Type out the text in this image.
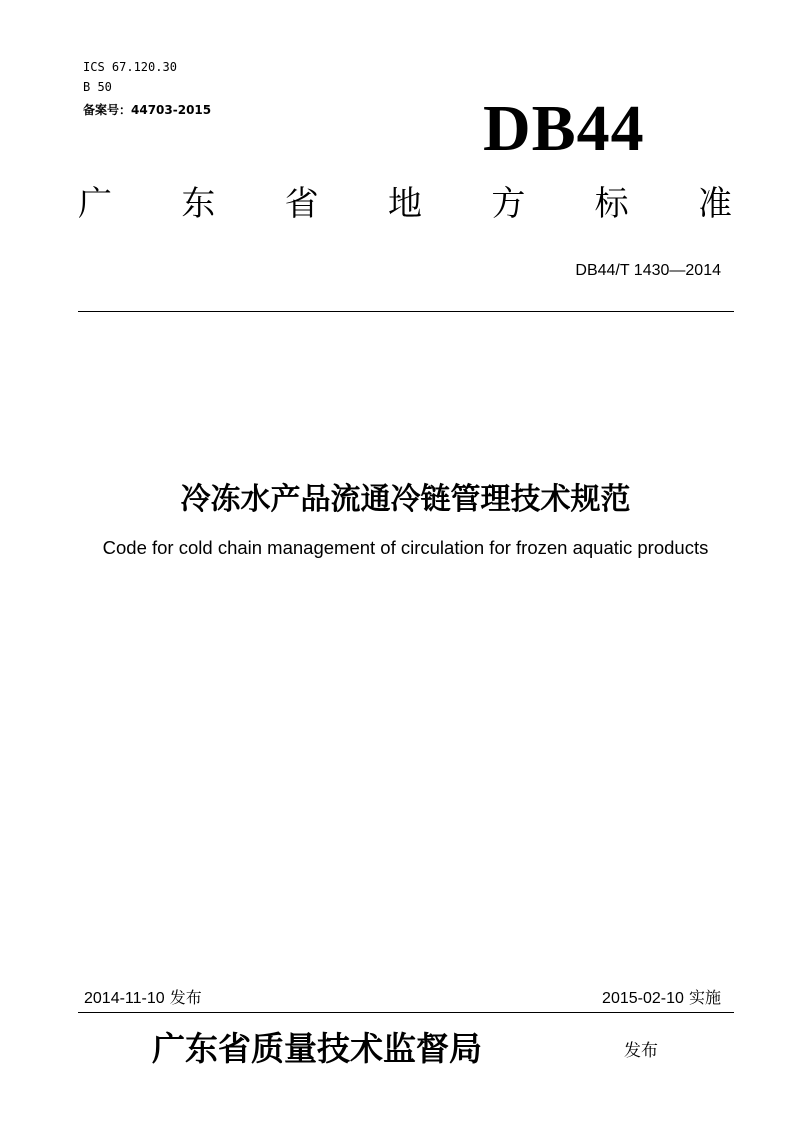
ICS 67.120.30
B 50
备案号：44703-2015	DB44
广 东 省 地 方 标 准
DB44/T 1430—2014
冷冻水产品流通冷链管理技术规范
Code for cold chain management of circulation for frozen aquatic products
2014-11-10 发布	2015-02-10 实施
广东省质量技术监督局	发布
